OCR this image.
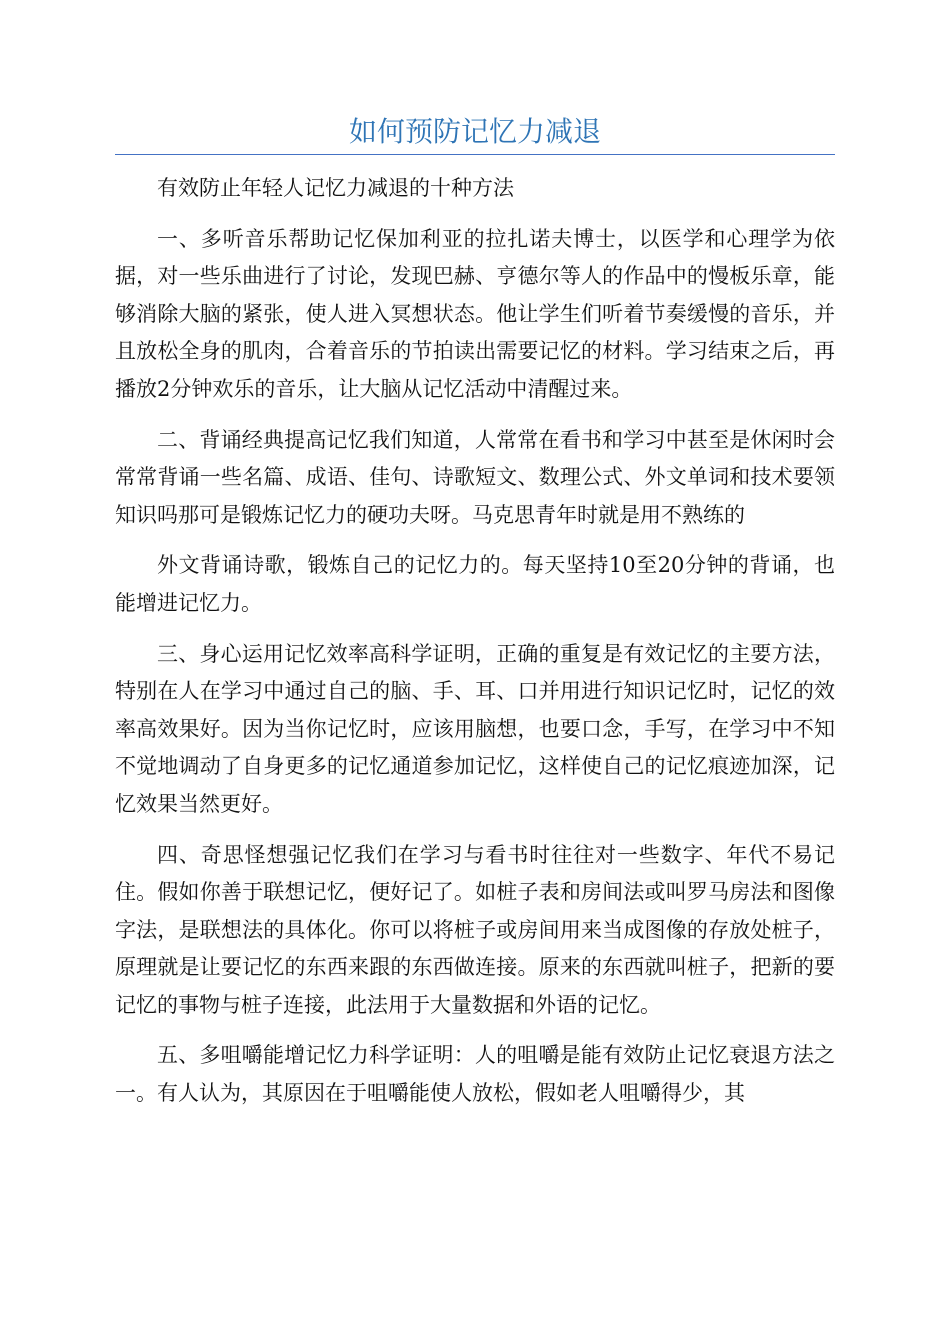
如何预防记忆力减退

有效防止年轻人记忆力减退的十种方法

一、多听音乐帮助记忆保加利亚的拉扎诺夫博士，以医学和心理学为依据，对一些乐曲进行了讨论，发现巴赫、亨德尔等人的作品中的慢板乐章，能够消除大脑的紧张，使人进入冥想状态。他让学生们听着节奏缓慢的音乐，并且放松全身的肌肉，合着音乐的节拍读出需要记忆的材料。学习结束之后，再播放2分钟欢乐的音乐，让大脑从记忆活动中清醒过来。

二、背诵经典提高记忆我们知道，人常常在看书和学习中甚至是休闲时会常常背诵一些名篇、成语、佳句、诗歌短文、数理公式、外文单词和技术要领知识吗那可是锻炼记忆力的硬功夫呀。马克思青年时就是用不熟练的

外文背诵诗歌，锻炼自己的记忆力的。每天坚持10至20分钟的背诵，也能增进记忆力。

三、身心运用记忆效率高科学证明，正确的重复是有效记忆的主要方法，特别在人在学习中通过自己的脑、手、耳、口并用进行知识记忆时，记忆的效率高效果好。因为当你记忆时，应该用脑想，也要口念，手写，在学习中不知不觉地调动了自身更多的记忆通道参加记忆，这样使自己的记忆痕迹加深，记忆效果当然更好。

四、奇思怪想强记忆我们在学习与看书时往往对一些数字、年代不易记住。假如你善于联想记忆，便好记了。如桩子表和房间法或叫罗马房法和图像字法，是联想法的具体化。你可以将桩子或房间用来当成图像的存放处桩子，原理就是让要记忆的东西来跟的东西做连接。原来的东西就叫桩子，把新的要记忆的事物与桩子连接，此法用于大量数据和外语的记忆。

五、多咀嚼能增记忆力科学证明：人的咀嚼是能有效防止记忆衰退方法之一。有人认为，其原因在于咀嚼能使人放松，假如老人咀嚼得少，其
